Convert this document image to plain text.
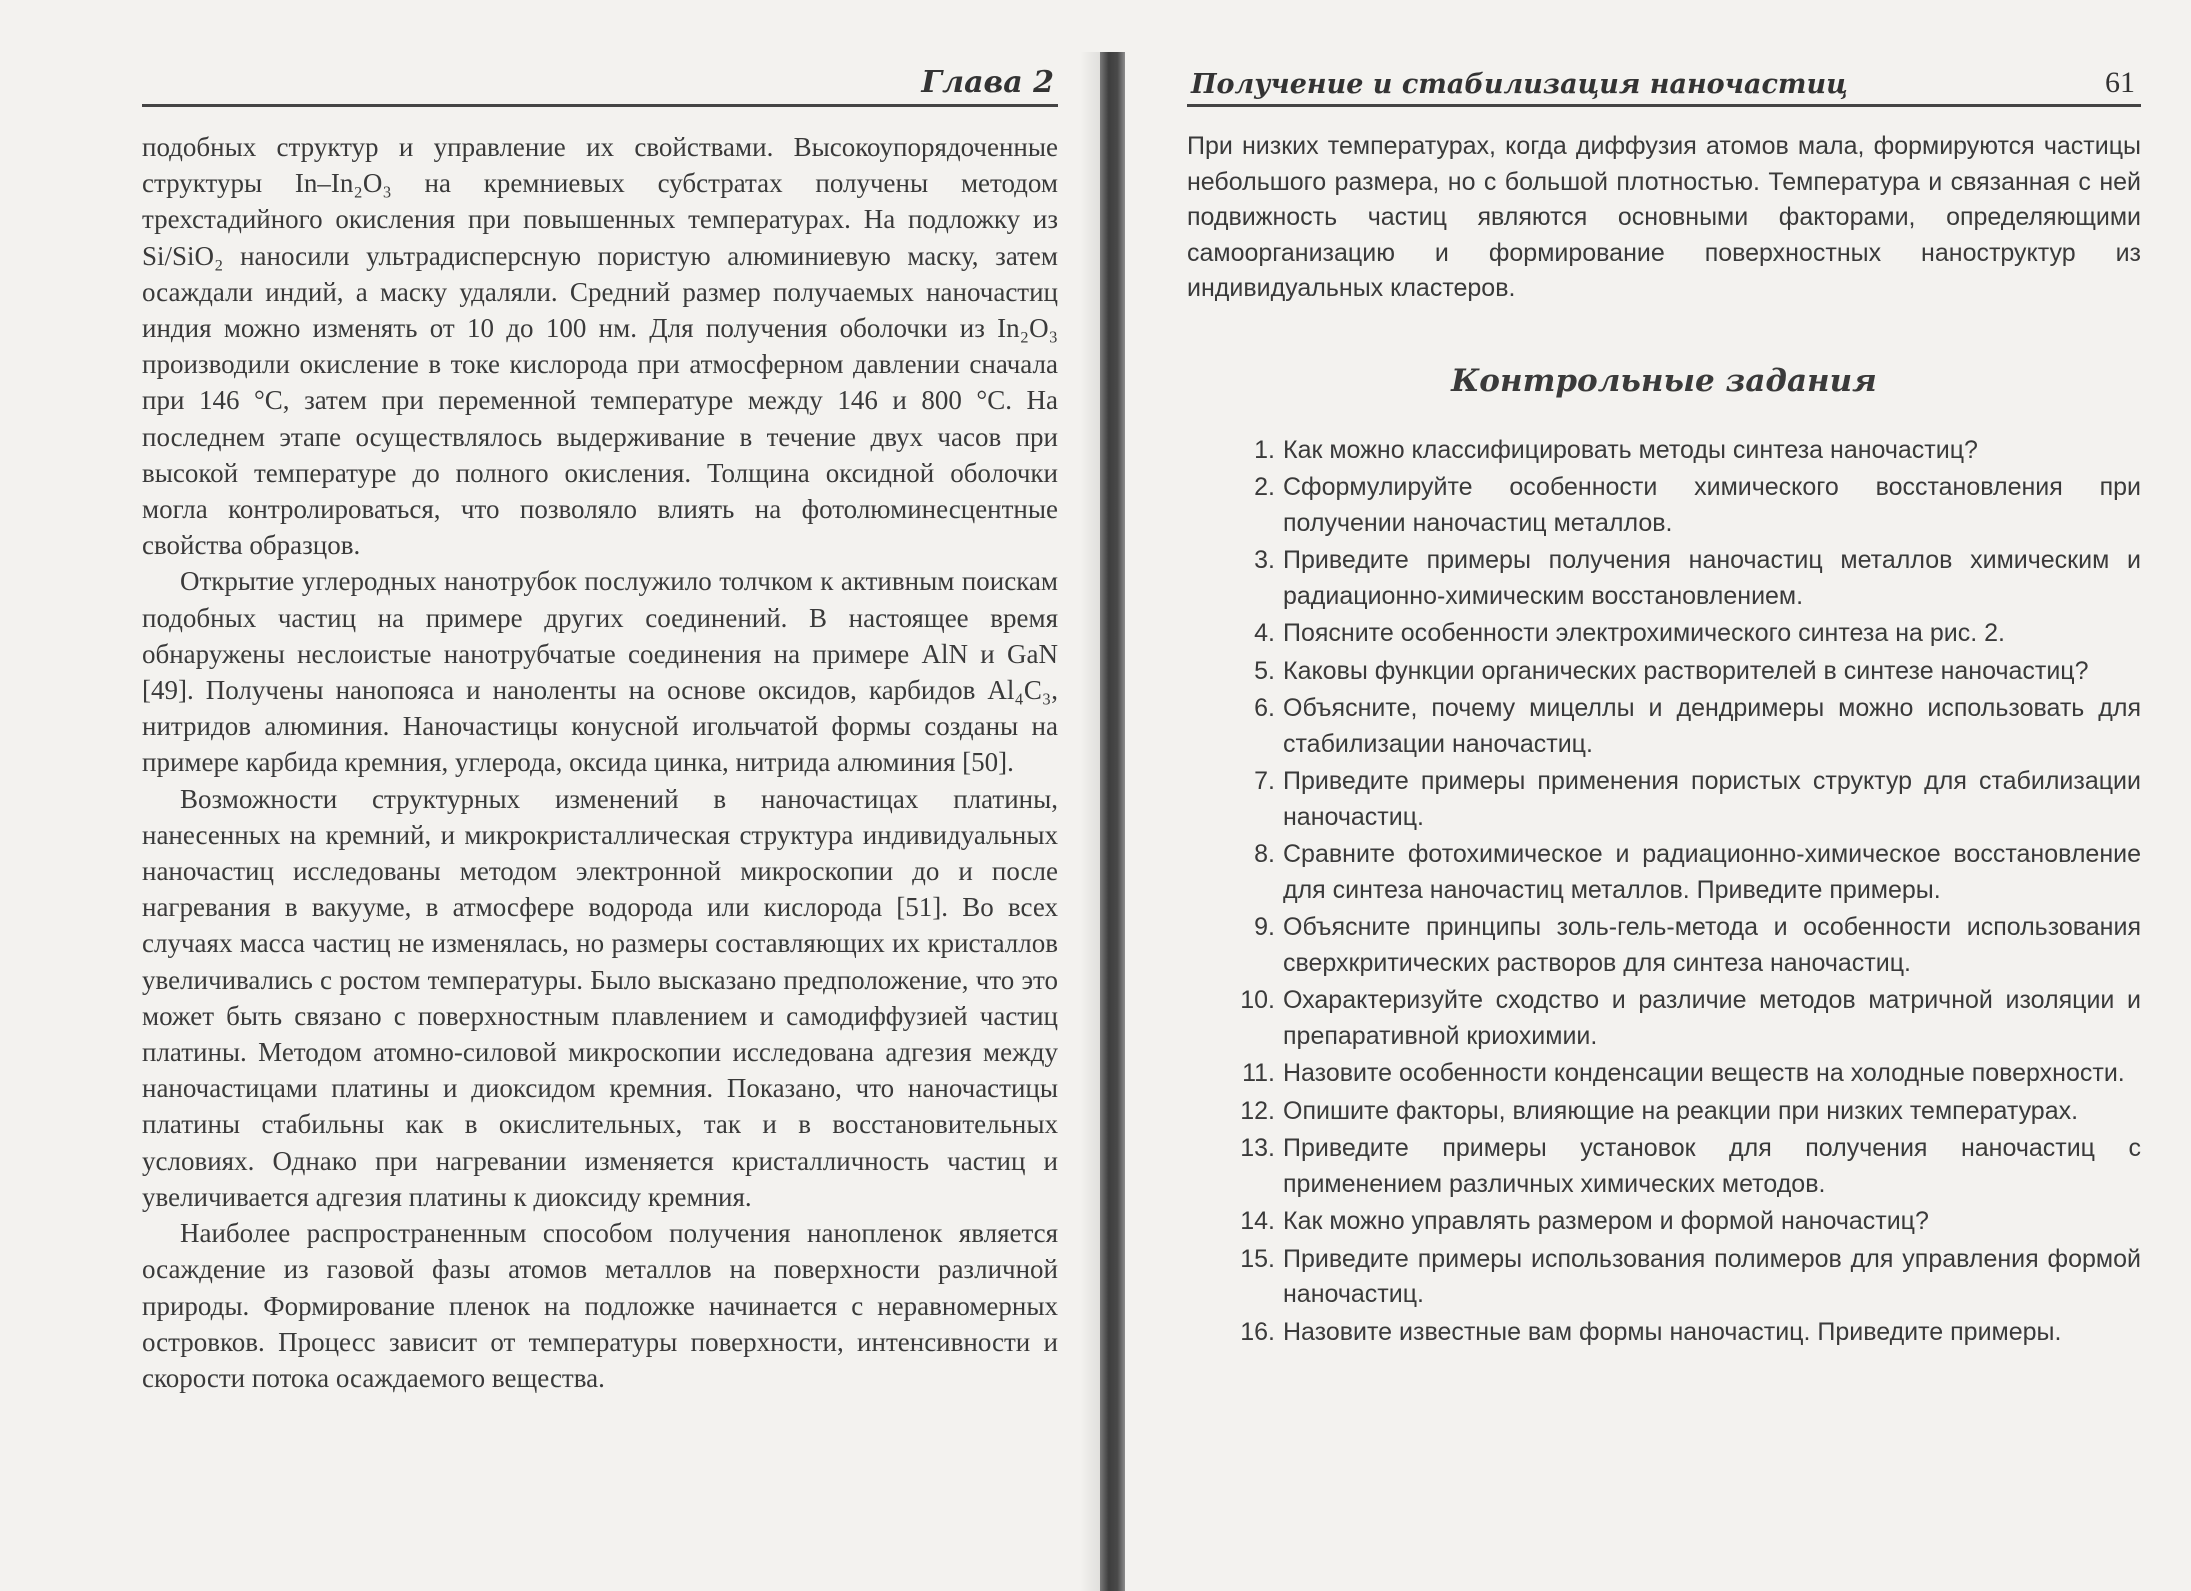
Глава 2

подобных структур и управление их свойствами. Высокоупорядоченные структуры In–In₂O₃ на кремниевых субстратах получены методом трехстадийного окисления при повышенных температурах. На подложку из Si/SiO₂ наносили ультрадисперсную пористую алюминиевую маску, затем осаждали индий, а маску удаляли. Средний размер получаемых наночастиц индия можно изменять от 10 до 100 нм. Для получения оболочки из In₂O₃ производили окисление в токе кислорода при атмосферном давлении сначала при 146 °C, затем при переменной температуре между 146 и 800 °C. На последнем этапе осуществлялось выдерживание в течение двух часов при высокой температуре до полного окисления. Толщина оксидной оболочки могла контролироваться, что позволяло влиять на фотолюминесцентные свойства образцов.

Открытие углеродных нанотрубок послужило толчком к активным поискам подобных частиц на примере других соединений. В настоящее время обнаружены неслоистые нанотрубчатые соединения на примере AlN и GaN [49]. Получены нанопояса и наноленты на основе оксидов, карбидов Al₄C₃, нитридов алюминия. Наночастицы конусной игольчатой формы созданы на примере карбида кремния, углерода, оксида цинка, нитрида алюминия [50].

Возможности структурных изменений в наночастицах платины, нанесенных на кремний, и микрокристаллическая структура индивидуальных наночастиц исследованы методом электронной микроскопии до и после нагревания в вакууме, в атмосфере водорода или кислорода [51]. Во всех случаях масса частиц не изменялась, но размеры составляющих их кристаллов увеличивались с ростом температуры. Было высказано предположение, что это может быть связано с поверхностным плавлением и самодиффузией частиц платины. Методом атомно-силовой микроскопии исследована адгезия между наночастицами платины и диоксидом кремния. Показано, что наночастицы платины стабильны как в окислительных, так и в восстановительных условиях. Однако при нагревании изменяется кристалличность частиц и увеличивается адгезия платины к диоксиду кремния.

Наиболее распространенным способом получения нанопленок является осаждение из газовой фазы атомов металлов на поверхности различной природы. Формирование пленок на подложке начинается с неравномерных островков. Процесс зависит от температуры поверхности, интенсивности и скорости потока осаждаемого вещества.

Получение и стабилизация наночастиц	61

При низких температурах, когда диффузия атомов мала, формируются частицы небольшого размера, но с большой плотностью. Температура и связанная с ней подвижность частиц являются основными факторами, определяющими самоорганизацию и формирование поверхностных наноструктур из индивидуальных кластеров.

Контрольные задания
1. Как можно классифицировать методы синтеза наночастиц?
2. Сформулируйте особенности химического восстановления при получении наночастиц металлов.
3. Приведите примеры получения наночастиц металлов химическим и радиационно-химическим восстановлением.
4. Поясните особенности электрохимического синтеза на рис. 2.
5. Каковы функции органических растворителей в синтезе наночастиц?
6. Объясните, почему мицеллы и дендримеры можно использовать для стабилизации наночастиц.
7. Приведите примеры применения пористых структур для стабилизации наночастиц.
8. Сравните фотохимическое и радиационно-химическое восстановление для синтеза наночастиц металлов. Приведите примеры.
9. Объясните принципы золь-гель-метода и особенности использования сверхкритических растворов для синтеза наночастиц.
10. Охарактеризуйте сходство и различие методов матричной изоляции и препаративной криохимии.
11. Назовите особенности конденсации веществ на холодные поверхности.
12. Опишите факторы, влияющие на реакции при низких температурах.
13. Приведите примеры установок для получения наночастиц с применением различных химических методов.
14. Как можно управлять размером и формой наночастиц?
15. Приведите примеры использования полимеров для управления формой наночастиц.
16. Назовите известные вам формы наночастиц. Приведите примеры.
